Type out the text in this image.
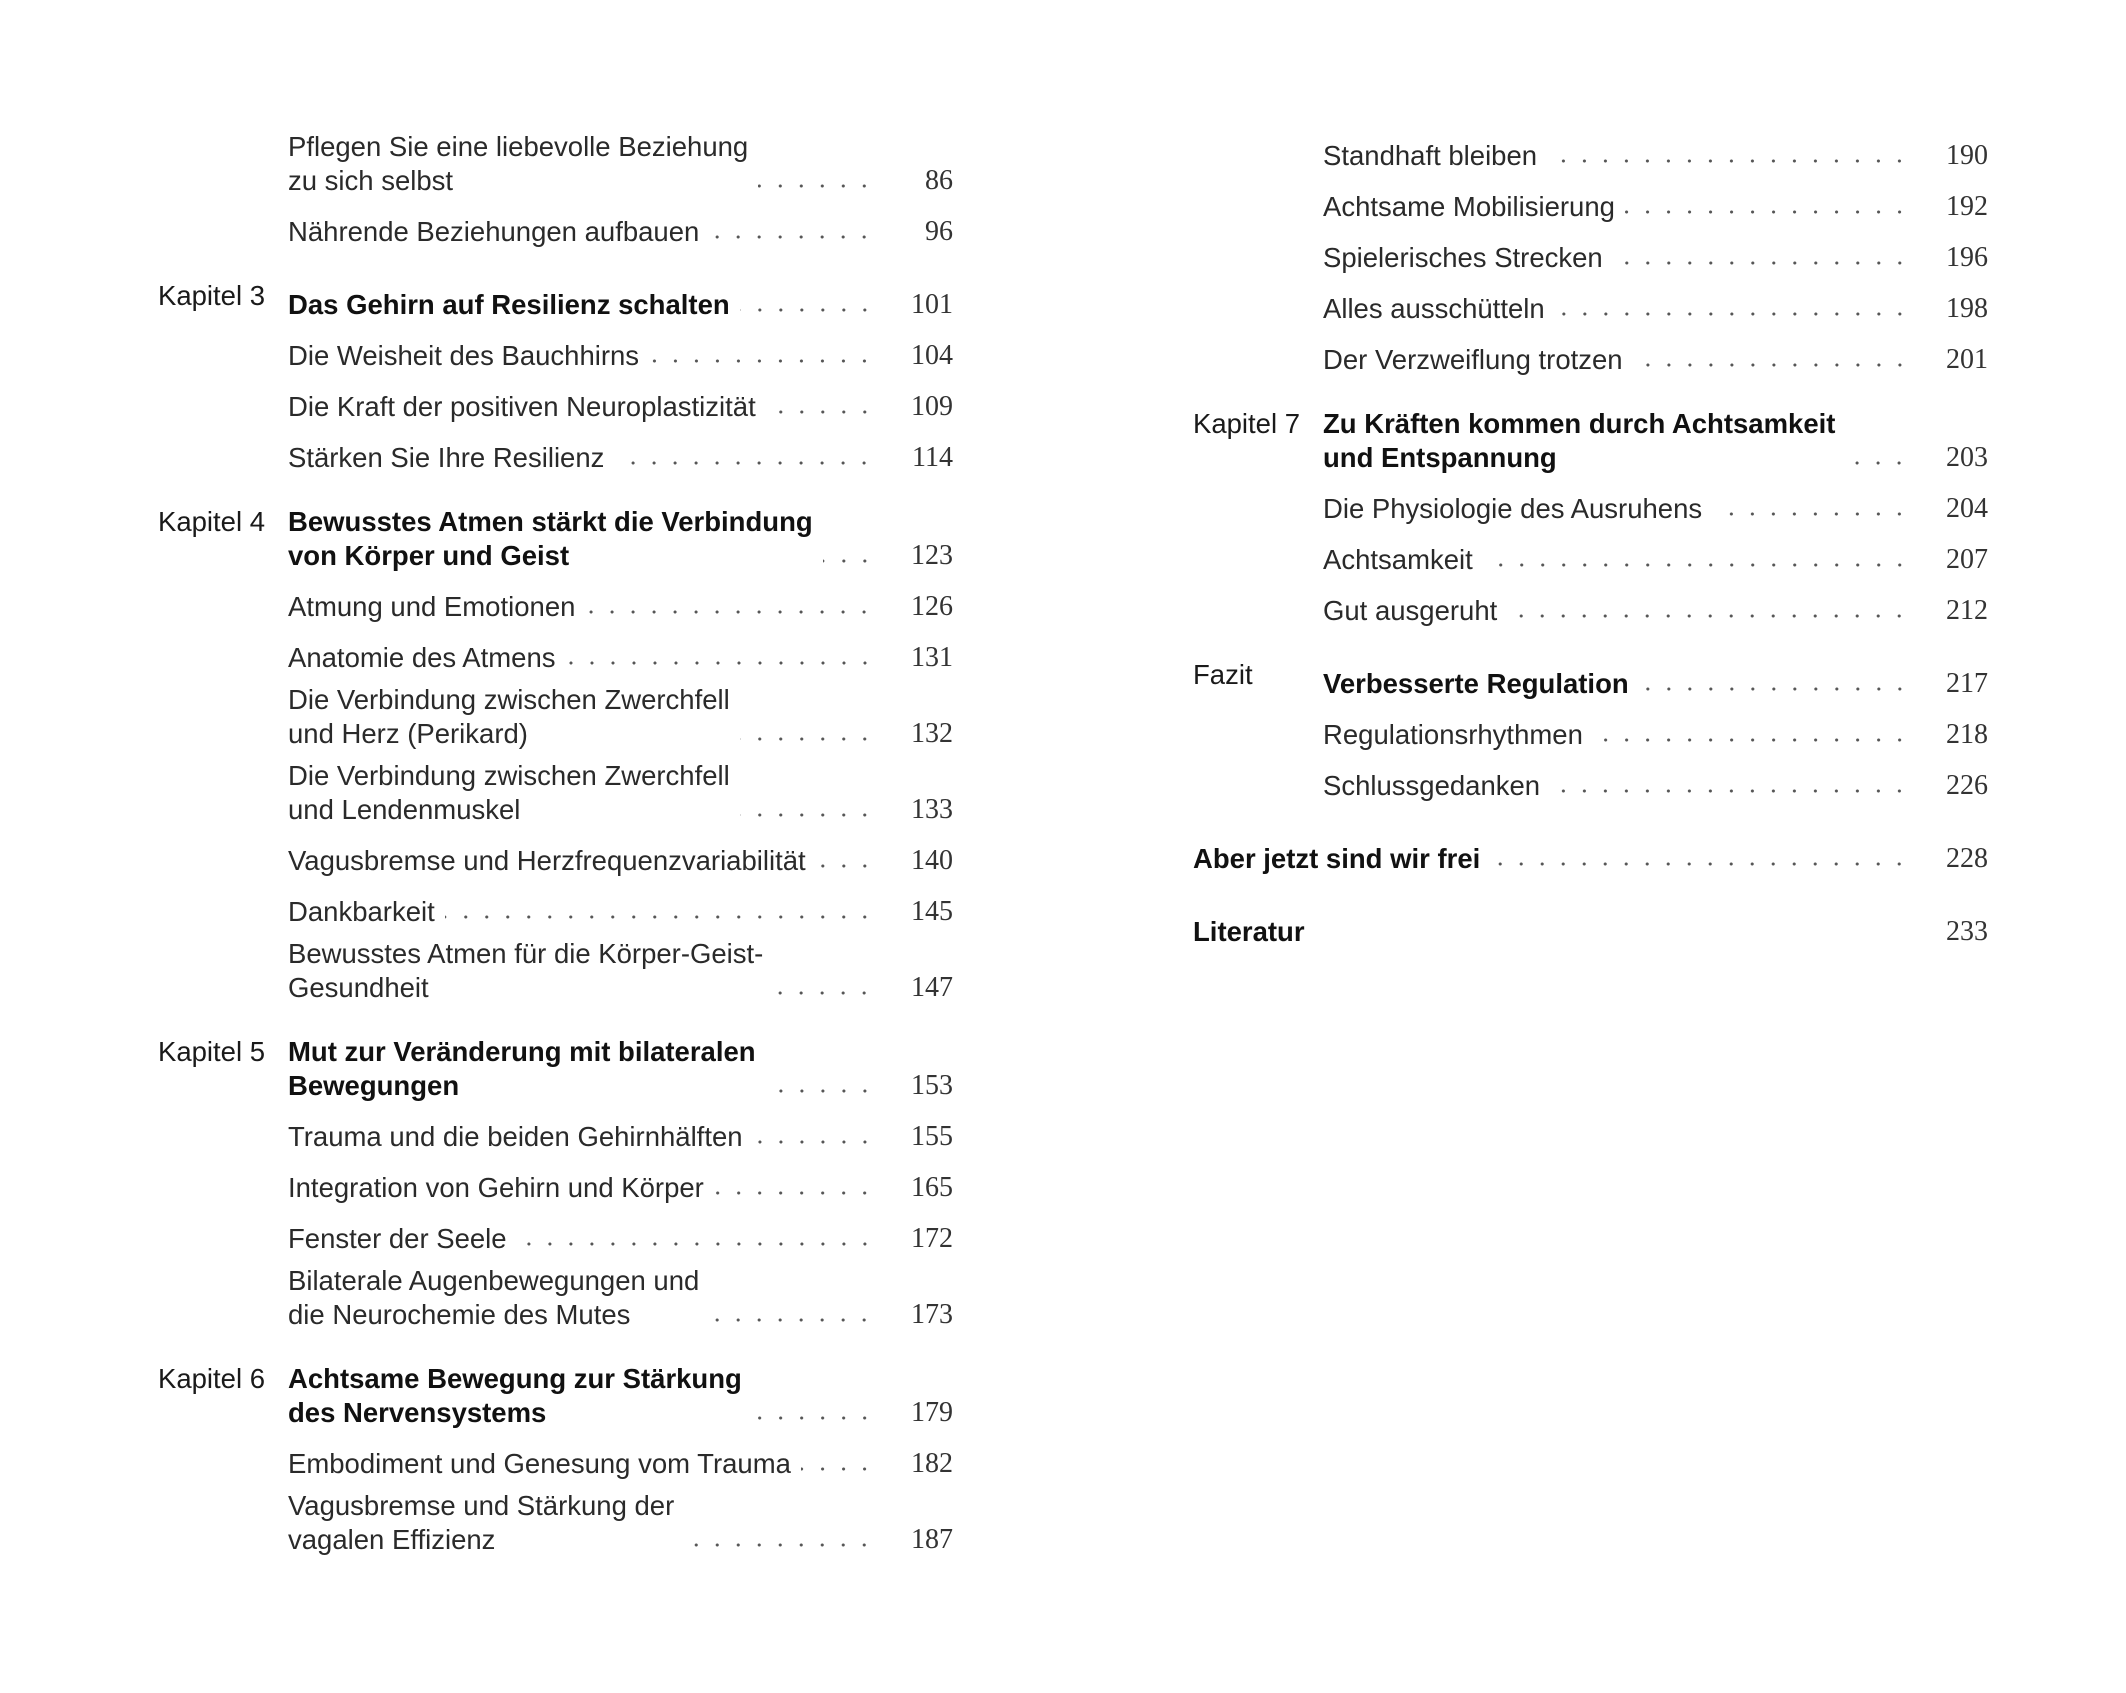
Pflegen Sie eine liebevolle Beziehung
zu sich selbst	86
Nährende Beziehungen aufbauen	96
Kapitel 3 Das Gehirn auf Resilienz schalten	101
Die Weisheit des Bauchhirns	104
Die Kraft der positiven Neuroplastizität	109
Stärken Sie Ihre Resilienz	114
Kapitel 4 Bewusstes Atmen stärkt die Verbindung
von Körper und Geist	123
Atmung und Emotionen	126
Anatomie des Atmens	131
Die Verbindung zwischen Zwerchfell
und Herz (Perikard)	132
Die Verbindung zwischen Zwerchfell
und Lendenmuskel	133
Vagusbremse und Herzfrequenzvariabilität	140
Dankbarkeit	145
Bewusstes Atmen für die Körper-Geist-
Gesundheit	147
Kapitel 5 Mut zur Veränderung mit bilateralen
Bewegungen	153
Trauma und die beiden Gehirnhälften	155
Integration von Gehirn und Körper	165
Fenster der Seele	172
Bilaterale Augenbewegungen und
die Neurochemie des Mutes	173
Kapitel 6 Achtsame Bewegung zur Stärkung
des Nervensystems	179
Embodiment und Genesung vom Trauma	182
Vagusbremse und Stärkung der
vagalen Effizienz	187
Standhaft bleiben	190
Achtsame Mobilisierung	192
Spielerisches Strecken	196
Alles ausschütteln	198
Der Verzweiflung trotzen	201
Kapitel 7 Zu Kräften kommen durch Achtsamkeit
und Entspannung	203
Die Physiologie des Ausruhens	204
Achtsamkeit	207
Gut ausgeruht	212
Fazit	Verbesserte Regulation	217
Regulationsrhythmen	218
Schlussgedanken	226
Aber jetzt sind wir frei	228
Literatur	233
